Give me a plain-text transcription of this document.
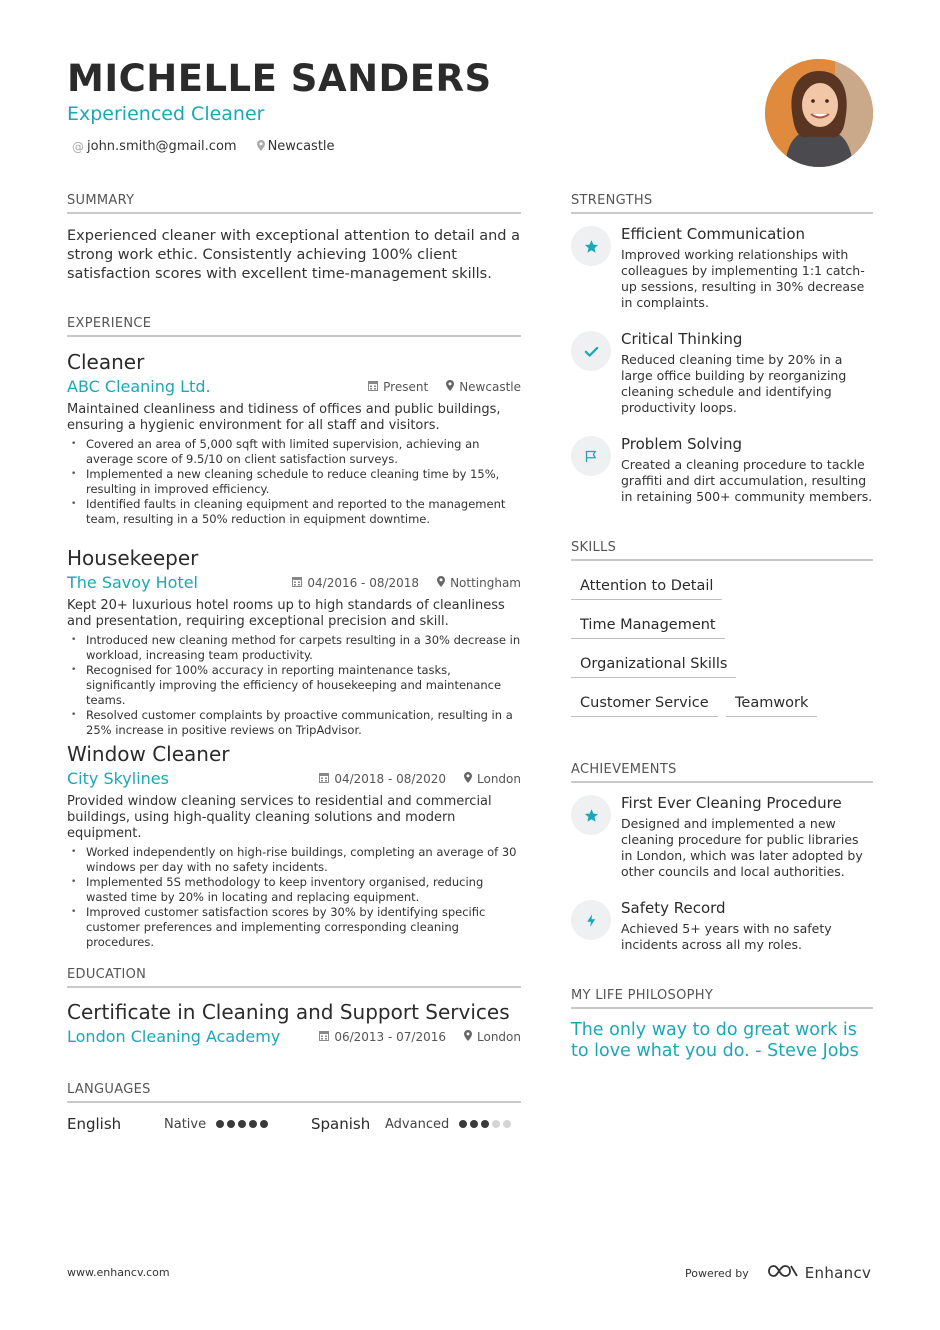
MICHELLE SANDERS
Experienced Cleaner
@ john.smith@gmail.com Newcastle
SUMMARY
Experienced cleaner with exceptional attention to detail and a strong work ethic. Consistently achieving 100% client satisfaction scores with excellent time-management skills.
EXPERIENCE
Cleaner
ABC Cleaning Ltd.	Present	Newcastle
Maintained cleanliness and tidiness of offices and public buildings, ensuring a hygienic environment for all staff and visitors.
• Covered an area of 5,000 sqft with limited supervision, achieving an average score of 9.5/10 on client satisfaction surveys.
• Implemented a new cleaning schedule to reduce cleaning time by 15%, resulting in improved efficiency.
• Identified faults in cleaning equipment and reported to the management team, resulting in a 50% reduction in equipment downtime.
Housekeeper
The Savoy Hotel	04/2016 - 08/2018	Nottingham
Kept 20+ luxurious hotel rooms up to high standards of cleanliness and presentation, requiring exceptional precision and skill.
• Introduced new cleaning method for carpets resulting in a 30% decrease in workload, increasing team productivity.
• Recognised for 100% accuracy in reporting maintenance tasks, significantly improving the efficiency of housekeeping and maintenance teams.
• Resolved customer complaints by proactive communication, resulting in a 25% increase in positive reviews on TripAdvisor.
Window Cleaner
City Skylines	04/2018 - 08/2020	London
Provided window cleaning services to residential and commercial buildings, using high-quality cleaning solutions and modern equipment.
• Worked independently on high-rise buildings, completing an average of 30 windows per day with no safety incidents.
• Implemented 5S methodology to keep inventory organised, reducing wasted time by 20% in locating and replacing equipment.
• Improved customer satisfaction scores by 30% by identifying specific customer preferences and implementing corresponding cleaning procedures.
EDUCATION
Certificate in Cleaning and Support Services
London Cleaning Academy	06/2013 - 07/2016	London
LANGUAGES
English	Native	Spanish	Advanced
STRENGTHS
Efficient Communication
Improved working relationships with colleagues by implementing 1:1 catch-up sessions, resulting in 30% decrease in complaints.
Critical Thinking
Reduced cleaning time by 20% in a large office building by reorganizing cleaning schedule and identifying productivity loops.
Problem Solving
Created a cleaning procedure to tackle graffiti and dirt accumulation, resulting in retaining 500+ community members.
SKILLS
Attention to Detail
Time Management
Organizational Skills
Customer Service	Teamwork
ACHIEVEMENTS
First Ever Cleaning Procedure
Designed and implemented a new cleaning procedure for public libraries in London, which was later adopted by other councils and local authorities.
Safety Record
Achieved 5+ years with no safety incidents across all my roles.
MY LIFE PHILOSOPHY
The only way to do great work is to love what you do. - Steve Jobs
www.enhancv.com	Powered by	Enhancv
